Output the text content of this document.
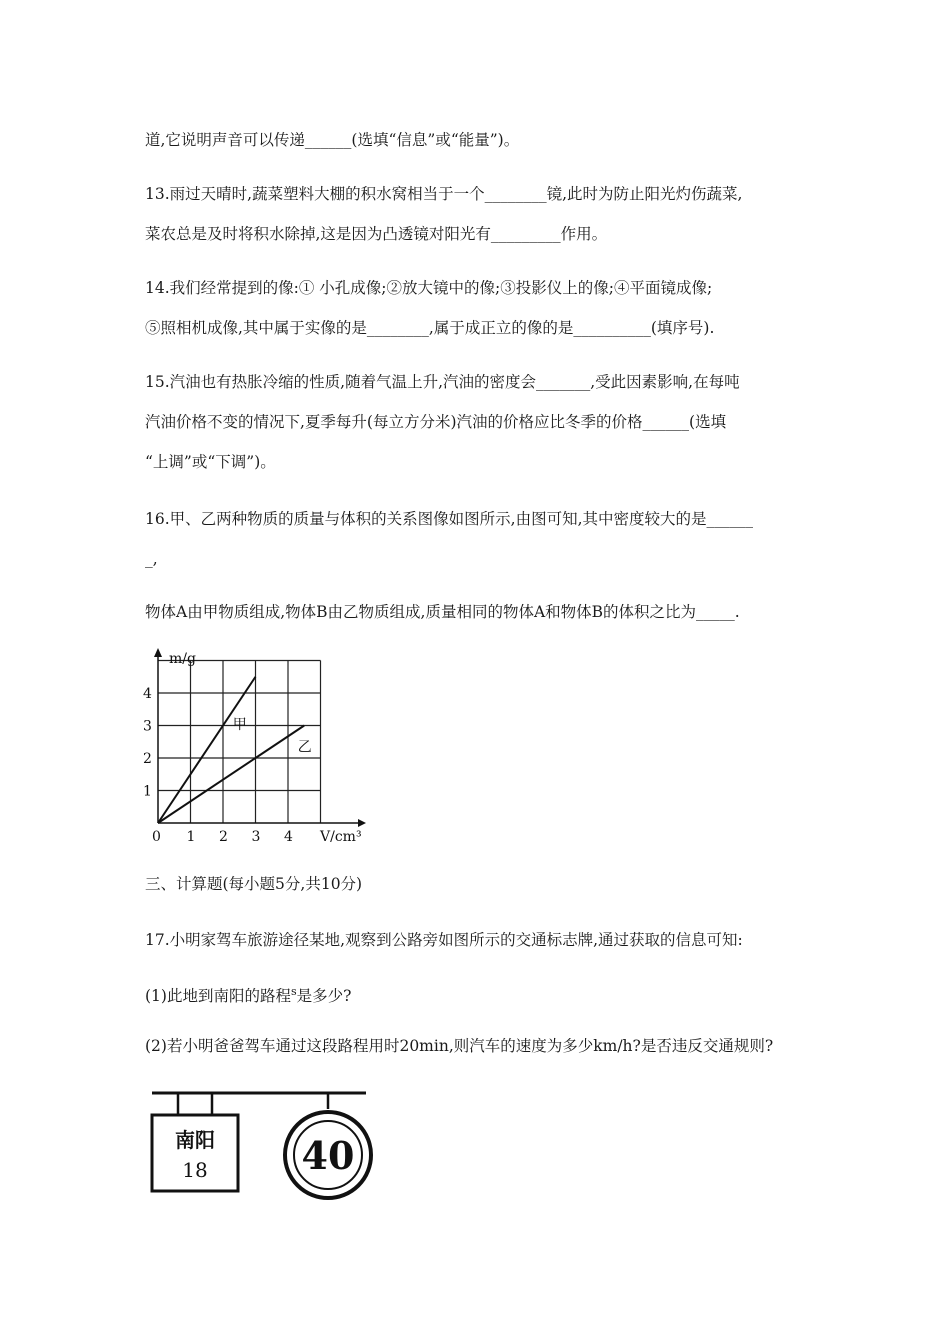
道,它说明声音可以传递______(选填“信息”或“能量”)。
13.雨过天晴时,蔬菜塑料大棚的积水窝相当于一个________镜,此时为防止阳光灼伤蔬菜,
菜农总是及时将积水除掉,这是因为凸透镜对阳光有_________作用。
14.我们经常提到的像:① 小孔成像;②放大镜中的像;③投影仪上的像;④平面镜成像;
⑤照相机成像,其中属于实像的是________,属于成正立的像的是__________(填序号).
15.汽油也有热胀冷缩的性质,随着气温上升,汽油的密度会_______,受此因素影响,在每吨
汽油价格不变的情况下,夏季每升(每立方分米)汽油的价格应比冬季的价格______(选填
“上调”或“下调”)。
16.甲、乙两种物质的质量与体积的关系图像如图所示,由图可知,其中密度较大的是______
_,
物体A由甲物质组成,物体B由乙物质组成,质量相同的物体A和物体B的体积之比为_____.
甲
乙
m/g
V/cm³
0 1 2 3 4
1
2
3
4
三、计算题(每小题5分,共10分)
17.小明家驾车旅游途径某地,观察到公路旁如图所示的交通标志牌,通过获取的信息可知:
(1)此地到南阳的路程$^s$是多少?
(2)若小明爸爸驾车通过这段路程用时20min,则汽车的速度为多少km/h?是否违反交通规则?
南阳
18 40
